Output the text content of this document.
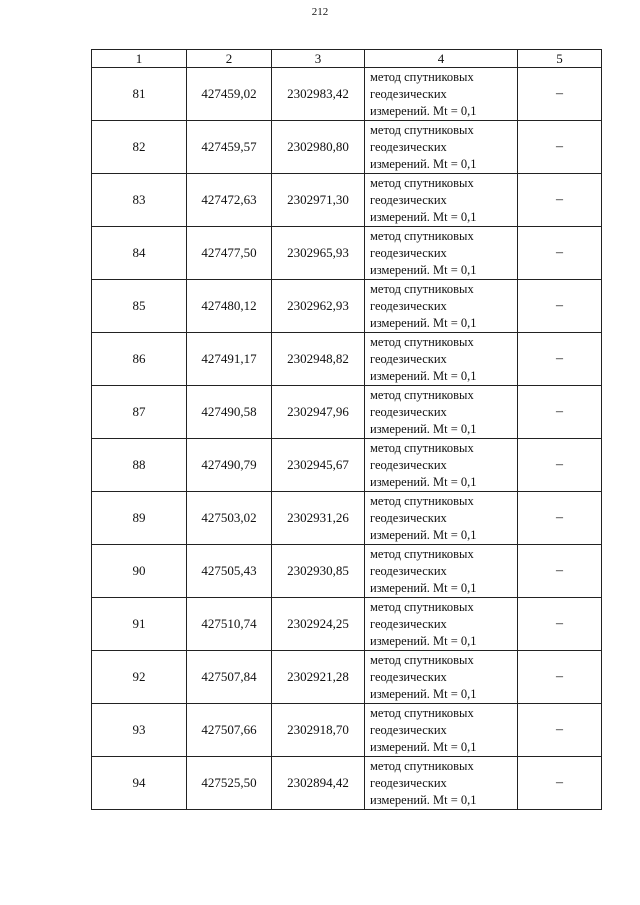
212
1	2	3	4	5
81	427459,02	2302983,42	метод спутниковых
геодезических
измерений. Mt = 0,1	–
82	427459,57	2302980,80	метод спутниковых
геодезических
измерений. Mt = 0,1	–
83	427472,63	2302971,30	метод спутниковых
геодезических
измерений. Mt = 0,1	–
84	427477,50	2302965,93	метод спутниковых
геодезических
измерений. Mt = 0,1	–
85	427480,12	2302962,93	метод спутниковых
геодезических
измерений. Mt = 0,1	–
86	427491,17	2302948,82	метод спутниковых
геодезических
измерений. Mt = 0,1	–
87	427490,58	2302947,96	метод спутниковых
геодезических
измерений. Mt = 0,1	–
88	427490,79	2302945,67	метод спутниковых
геодезических
измерений. Mt = 0,1	–
89	427503,02	2302931,26	метод спутниковых
геодезических
измерений. Mt = 0,1	–
90	427505,43	2302930,85	метод спутниковых
геодезических
измерений. Mt = 0,1	–
91	427510,74	2302924,25	метод спутниковых
геодезических
измерений. Mt = 0,1	–
92	427507,84	2302921,28	метод спутниковых
геодезических
измерений. Mt = 0,1	–
93	427507,66	2302918,70	метод спутниковых
геодезических
измерений. Mt = 0,1	–
94	427525,50	2302894,42	метод спутниковых
геодезических
измерений. Mt = 0,1	–
